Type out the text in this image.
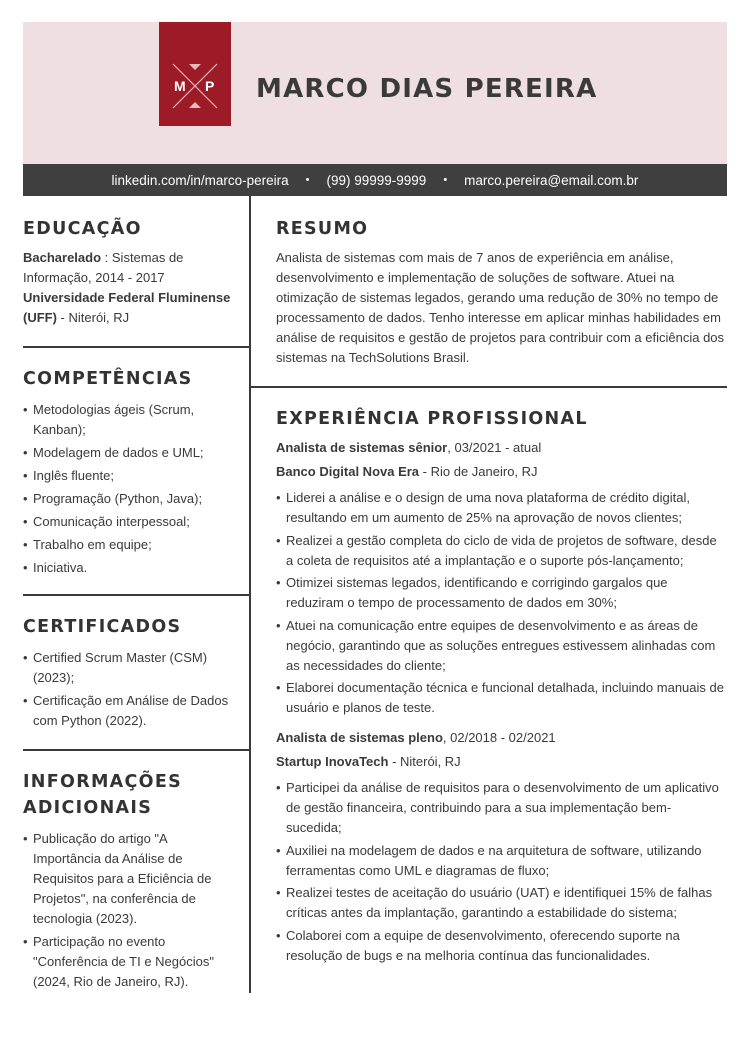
M P MARCO DIAS PEREIRA
linkedin.com/in/marco-pereira • (99) 99999-9999 • marco.pereira@email.com.br
EDUCAÇÃO
Bacharelado : Sistemas de Informação, 2014 - 2017 Universidade Federal Fluminense (UFF) - Niterói, RJ
COMPETÊNCIAS
• Metodologias ágeis (Scrum, Kanban);
• Modelagem de dados e UML;
• Inglês fluente;
• Programação (Python, Java);
• Comunicação interpessoal;
• Trabalho em equipe;
• Iniciativa.
CERTIFICADOS
• Certified Scrum Master (CSM) (2023);
• Certificação em Análise de Dados com Python (2022).
INFORMAÇÕES ADICIONAIS
• Publicação do artigo "A Importância da Análise de Requisitos para a Eficiência de Projetos", na conferência de tecnologia (2023).
• Participação no evento "Conferência de TI e Negócios" (2024, Rio de Janeiro, RJ).
RESUMO
Analista de sistemas com mais de 7 anos de experiência em análise, desenvolvimento e implementação de soluções de software. Atuei na otimização de sistemas legados, gerando uma redução de 30% no tempo de processamento de dados. Tenho interesse em aplicar minhas habilidades em análise de requisitos e gestão de projetos para contribuir com a eficiência dos sistemas na TechSolutions Brasil.
EXPERIÊNCIA PROFISSIONAL
Analista de sistemas sênior, 03/2021 - atual
Banco Digital Nova Era - Rio de Janeiro, RJ
• Liderei a análise e o design de uma nova plataforma de crédito digital, resultando em um aumento de 25% na aprovação de novos clientes;
• Realizei a gestão completa do ciclo de vida de projetos de software, desde a coleta de requisitos até a implantação e o suporte pós-lançamento;
• Otimizei sistemas legados, identificando e corrigindo gargalos que reduziram o tempo de processamento de dados em 30%;
• Atuei na comunicação entre equipes de desenvolvimento e as áreas de negócio, garantindo que as soluções entregues estivessem alinhadas com as necessidades do cliente;
• Elaborei documentação técnica e funcional detalhada, incluindo manuais de usuário e planos de teste.
Analista de sistemas pleno, 02/2018 - 02/2021
Startup InovaTech - Niterói, RJ
• Participei da análise de requisitos para o desenvolvimento de um aplicativo de gestão financeira, contribuindo para a sua implementação bem-sucedida;
• Auxiliei na modelagem de dados e na arquitetura de software, utilizando ferramentas como UML e diagramas de fluxo;
• Realizei testes de aceitação do usuário (UAT) e identifiquei 15% de falhas críticas antes da implantação, garantindo a estabilidade do sistema;
• Colaborei com a equipe de desenvolvimento, oferecendo suporte na resolução de bugs e na melhoria contínua das funcionalidades.
